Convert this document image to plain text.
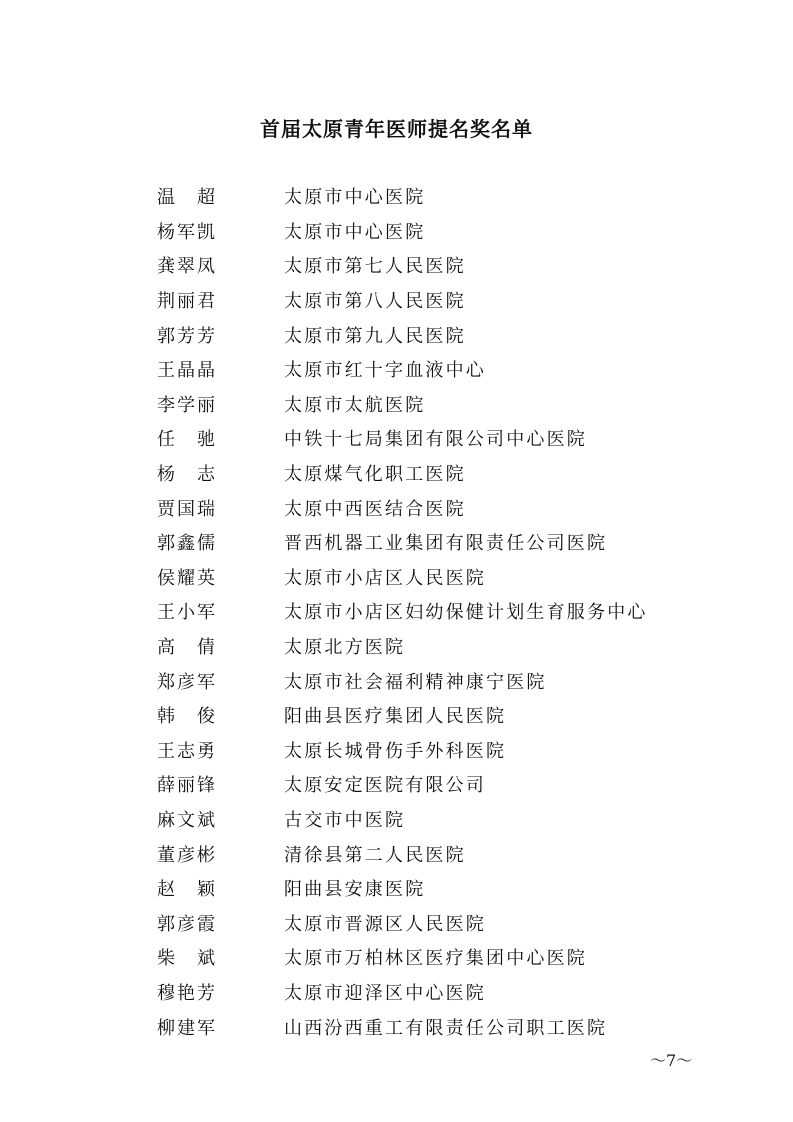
首届太原青年医师提名奖名单
温　超	太原市中心医院
杨军凯	太原市中心医院
龚翠凤	太原市第七人民医院
荆丽君	太原市第八人民医院
郭芳芳	太原市第九人民医院
王晶晶	太原市红十字血液中心
李学丽	太原市太航医院
任　驰	中铁十七局集团有限公司中心医院
杨　志	太原煤气化职工医院
贾国瑞	太原中西医结合医院
郭鑫儒	晋西机器工业集团有限责任公司医院
侯耀英	太原市小店区人民医院
王小军	太原市小店区妇幼保健计划生育服务中心
高　倩	太原北方医院
郑彦军	太原市社会福利精神康宁医院
韩　俊	阳曲县医疗集团人民医院
王志勇	太原长城骨伤手外科医院
薛丽锋	太原安定医院有限公司
麻文斌	古交市中医院
董彦彬	清徐县第二人民医院
赵　颖	阳曲县安康医院
郭彦霞	太原市晋源区人民医院
柴　斌	太原市万柏林区医疗集团中心医院
穆艳芳	太原市迎泽区中心医院
柳建军	山西汾西重工有限责任公司职工医院
～7～
